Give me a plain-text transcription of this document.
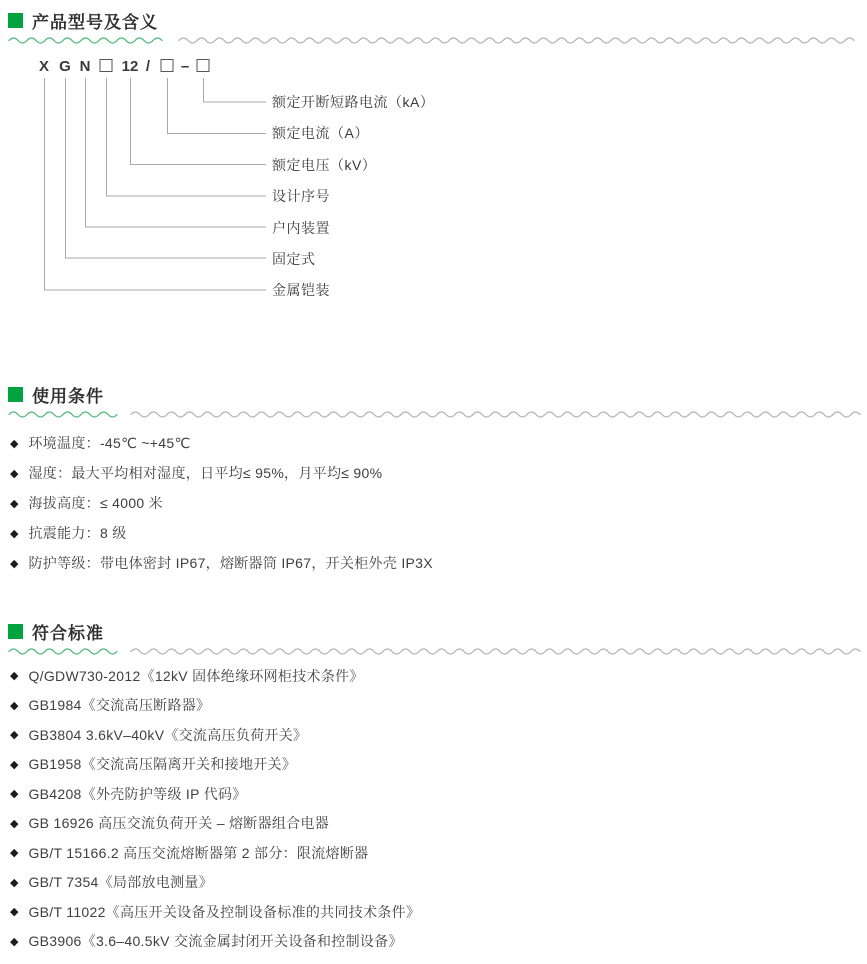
产品型号及含义
X G N 12 / –
额定开断短路电流（kA）
额定电流（A）
额定电压（kV）
设计序号
户内装置
固定式
金属铠装
使用条件
◆ 环境温度：-45℃ ~+45℃
◆ 湿度：最大平均相对湿度，日平均≤ 95%，月平均≤ 90%
◆ 海拔高度：≤ 4000 米
◆ 抗震能力：8 级
◆ 防护等级：带电体密封 IP67，熔断器筒 IP67，开关柜外壳 IP3X
符合标准
◆ Q/GDW730-2012《12kV 固体绝缘环网柜技术条件》
◆ GB1984《交流高压断路器》
◆ GB3804 3.6kV–40kV《交流高压负荷开关》
◆ GB1958《交流高压隔离开关和接地开关》
◆ GB4208《外壳防护等级 IP 代码》
◆ GB 16926 高压交流负荷开关 – 熔断器组合电器
◆ GB/T 15166.2 高压交流熔断器第 2 部分：限流熔断器
◆ GB/T 7354《局部放电测量》
◆ GB/T 11022《高压开关设备及控制设备标准的共同技术条件》
◆ GB3906《3.6–40.5kV 交流金属封闭开关设备和控制设备》
